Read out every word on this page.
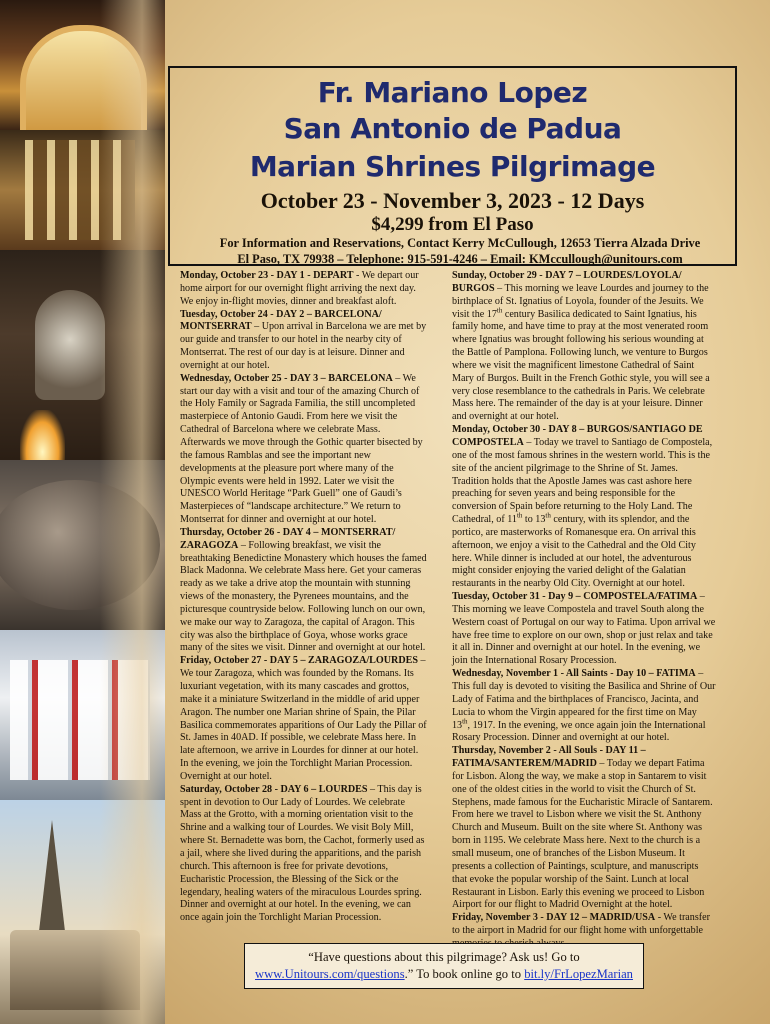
Fr. Mariano Lopez
San Antonio de Padua
Marian Shrines Pilgrimage
October 23 - November 3, 2023 - 12 Days
$4,299 from El Paso
For Information and Reservations, Contact Kerry McCullough, 12653 Tierra Alzada Drive
El Paso, TX 79938 – Telephone: 915-591-4246 – Email: KMccullough@unitours.com

Monday, October 23 - DAY 1 - DEPART - We depart our home airport for our overnight flight arriving the next day. We enjoy in-flight movies, dinner and breakfast aloft.

Tuesday, October 24 - DAY 2 – BARCELONA/ MONTSERRAT – Upon arrival in Barcelona we are met by our guide and transfer to our hotel in the nearby city of Montserrat. The rest of our day is at leisure. Dinner and overnight at our hotel.

Wednesday, October 25 - DAY 3 – BARCELONA – We start our day with a visit and tour of the amazing Church of the Holy Family or Sagrada Familia, the still uncompleted masterpiece of Antonio Gaudi. From here we visit the Cathedral of Barcelona where we celebrate Mass. Afterwards we move through the Gothic quarter bisected by the famous Ramblas and see the important new developments at the pleasure port where many of the Olympic events were held in 1992. Later we visit the UNESCO World Heritage “Park Guell” one of Gaudi’s Masterpieces of “landscape architecture.” We return to Montserrat for dinner and overnight at our hotel.

Thursday, October 26 - DAY 4 – MONTSERRAT/ ZARAGOZA – Following breakfast, we visit the breathtaking Benedictine Monastery which houses the famed Black Madonna. We celebrate Mass here. Get your cameras ready as we take a drive atop the mountain with stunning views of the monastery, the Pyrenees mountains, and the picturesque countryside below. Following lunch on our own, we make our way to Zaragoza, the capital of Aragon. This city was also the birthplace of Goya, whose works grace many of the sites we visit. Dinner and overnight at our hotel.

Friday, October 27 - DAY 5 – ZARAGOZA/LOURDES – We tour Zaragoza, which was founded by the Romans. Its luxuriant vegetation, with its many cascades and grottos, make it a miniature Switzerland in the middle of arid upper Aragon. The number one Marian shrine of Spain, the Pilar Basilica commemorates apparitions of Our Lady the Pillar of St. James in 40AD. If possible, we celebrate Mass here. In late afternoon, we arrive in Lourdes for dinner at our hotel. In the evening, we join the Torchlight Marian Procession. Overnight at our hotel.

Saturday, October 28 - DAY 6 – LOURDES – This day is spent in devotion to Our Lady of Lourdes. We celebrate Mass at the Grotto, with a morning orientation visit to the Shrine and a walking tour of Lourdes. We visit Boly Mill, where St. Bernadette was born, the Cachot, formerly used as a jail, where she lived during the apparitions, and the parish church. This afternoon is free for private devotions, Eucharistic Procession, the Blessing of the Sick or the legendary, healing waters of the miraculous Lourdes spring. Dinner and overnight at our hotel. In the evening, we can once again join the Torchlight Marian Procession.

Sunday, October 29 - DAY 7 – LOURDES/LOYOLA/ BURGOS – This morning we leave Lourdes and journey to the birthplace of St. Ignatius of Loyola, founder of the Jesuits. We visit the 17th century Basilica dedicated to Saint Ignatius, his family home, and have time to pray at the most venerated room where Ignatius was brought following his serious wounding at the Battle of Pamplona. Following lunch, we venture to Burgos where we visit the magnificent limestone Cathedral of Saint Mary of Burgos. Built in the French Gothic style, you will see a very close resemblance to the cathedrals in Paris. We celebrate Mass here. The remainder of the day is at your leisure. Dinner and overnight at our hotel.

Monday, October 30 - DAY 8 – BURGOS/SANTIAGO DE COMPOSTELA – Today we travel to Santiago de Compostela, one of the most famous shrines in the western world. This is the site of the ancient pilgrimage to the Shrine of St. James. Tradition holds that the Apostle James was cast ashore here preaching for seven years and being responsible for the conversion of Spain before returning to the Holy Land. The Cathedral, of 11th to 13th century, with its splendor, and the portico, are masterworks of Romanesque era. On arrival this afternoon, we enjoy a visit to the Cathedral and the Old City here. While dinner is included at our hotel, the adventurous might consider enjoying the varied delight of the Galatian restaurants in the nearby Old City. Overnight at our hotel.

Tuesday, October 31 - Day 9 – COMPOSTELA/FATIMA – This morning we leave Compostela and travel South along the Western coast of Portugal on our way to Fatima. Upon arrival we have free time to explore on our own, shop or just relax and take it all in. Dinner and overnight at our hotel. In the evening, we join the International Rosary Procession.

Wednesday, November 1 - All Saints - Day 10 – FATIMA – This full day is devoted to visiting the Basilica and Shrine of Our Lady of Fatima and the birthplaces of Francisco, Jacinta, and Lucia to whom the Virgin appeared for the first time on May 13th, 1917. In the evening, we once again join the International Rosary Procession. Dinner and overnight at our hotel.

Thursday, November 2 - All Souls - DAY 11 – FATIMA/SANTEREM/MADRID – Today we depart Fatima for Lisbon. Along the way, we make a stop in Santarem to visit one of the oldest cities in the world to visit the Church of St. Stephens, made famous for the Eucharistic Miracle of Santarem. From here we travel to Lisbon where we visit the St. Anthony Church and Museum. Built on the site where St. Anthony was born in 1195. We celebrate Mass here. Next to the church is a small museum, one of branches of the Lisbon Museum. It presents a collection of Paintings, sculpture, and manuscripts that evoke the popular worship of the Saint. Lunch at local Restaurant in Lisbon. Early this evening we proceed to Lisbon Airport for our flight to Madrid Overnight at the hotel.

Friday, November 3 - DAY 12 – MADRID/USA - We transfer to the airport in Madrid for our flight home with unforgettable

“Have questions about this pilgrimage? Ask us! Go to
www.Unitours.com/questions.” To book online go to bit.ly/FrLopezMarian
